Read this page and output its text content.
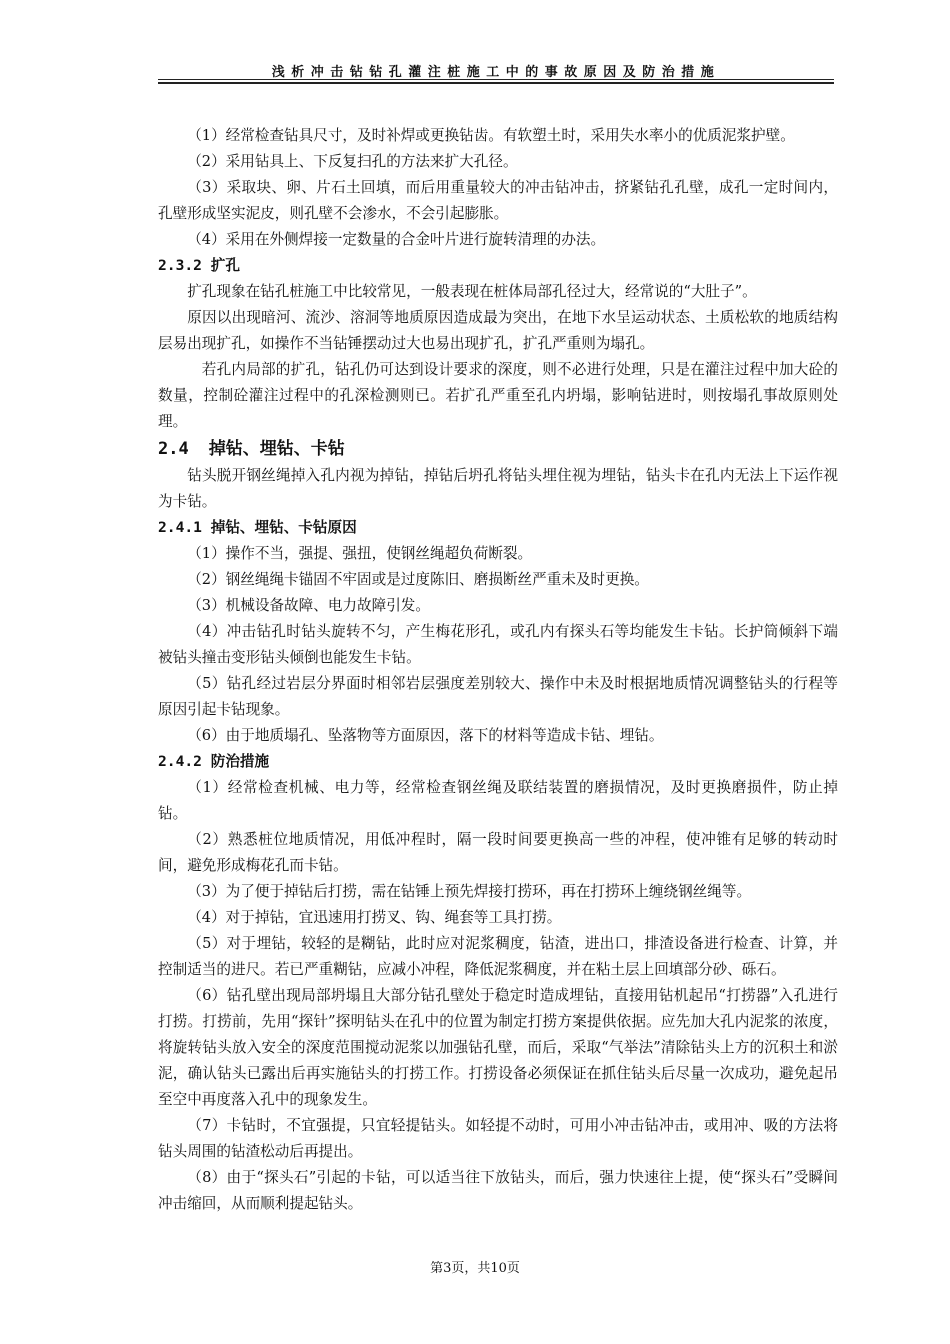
浅析冲击钻钻孔灌注桩施工中的事故原因及防治措施

（1）经常检查钻具尺寸，及时补焊或更换钻齿。有软塑土时，采用失水率小的优质泥浆护壁。

（2）采用钻具上、下反复扫孔的方法来扩大孔径。

（3）采取块、卵、片石土回填，而后用重量较大的冲击钻冲击，挤紧钻孔孔壁，成孔一定时间内，孔壁形成坚实泥皮，则孔壁不会渗水，不会引起膨胀。

（4）采用在外侧焊接一定数量的合金叶片进行旋转清理的办法。

2.3.2 扩孔

扩孔现象在钻孔桩施工中比较常见，一般表现在桩体局部孔径过大，经常说的“大肚子”。

原因以出现暗河、流沙、溶洞等地质原因造成最为突出，在地下水呈运动状态、土质松软的地质结构层易出现扩孔，如操作不当钻锤摆动过大也易出现扩孔，扩孔严重则为塌孔。

若孔内局部的扩孔，钻孔仍可达到设计要求的深度，则不必进行处理，只是在灌注过程中加大砼的数量，控制砼灌注过程中的孔深检测则已。若扩孔严重至孔内坍塌，影响钻进时，则按塌孔事故原则处理。

2.4 掉钻、埋钻、卡钻

钻头脱开钢丝绳掉入孔内视为掉钻，掉钻后坍孔将钻头埋住视为埋钻，钻头卡在孔内无法上下运作视为卡钻。

2.4.1 掉钻、埋钻、卡钻原因

（1）操作不当，强提、强扭，使钢丝绳超负荷断裂。

（2）钢丝绳绳卡锚固不牢固或是过度陈旧、磨损断丝严重未及时更换。

（3）机械设备故障、电力故障引发。

（4）冲击钻孔时钻头旋转不匀，产生梅花形孔，或孔内有探头石等均能发生卡钻。长护筒倾斜下端被钻头撞击变形钻头倾倒也能发生卡钻。

（5）钻孔经过岩层分界面时相邻岩层强度差别较大、操作中未及时根据地质情况调整钻头的行程等原因引起卡钻现象。

（6）由于地质塌孔、坠落物等方面原因，落下的材料等造成卡钻、埋钻。

2.4.2 防治措施

（1）经常检查机械、电力等，经常检查钢丝绳及联结装置的磨损情况，及时更换磨损件，防止掉钻。

（2）熟悉桩位地质情况，用低冲程时，隔一段时间要更换高一些的冲程，使冲锥有足够的转动时间，避免形成梅花孔而卡钻。

（3）为了便于掉钻后打捞，需在钻锤上预先焊接打捞环，再在打捞环上缠绕钢丝绳等。

（4）对于掉钻，宜迅速用打捞叉、钩、绳套等工具打捞。

（5）对于埋钻，较轻的是糊钻，此时应对泥浆稠度，钻渣，进出口，排渣设备进行检查、计算，并控制适当的进尺。若已严重糊钻，应减小冲程，降低泥浆稠度，并在粘土层上回填部分砂、砾石。

（6）钻孔壁出现局部坍塌且大部分钻孔壁处于稳定时造成埋钻，直接用钻机起吊“打捞器”入孔进行打捞。打捞前，先用“探针”探明钻头在孔中的位置为制定打捞方案提供依据。应先加大孔内泥浆的浓度，将旋转钻头放入安全的深度范围搅动泥浆以加强钻孔壁，而后，采取“气举法”清除钻头上方的沉积土和淤泥，确认钻头已露出后再实施钻头的打捞工作。打捞设备必须保证在抓住钻头后尽量一次成功，避免起吊至空中再度落入孔中的现象发生。

（7）卡钻时，不宜强提，只宜轻提钻头。如轻提不动时，可用小冲击钻冲击，或用冲、吸的方法将钻头周围的钻渣松动后再提出。

（8）由于“探头石”引起的卡钻，可以适当往下放钻头，而后，强力快速往上提，使“探头石”受瞬间冲击缩回，从而顺利提起钻头。

第3页，共10页
